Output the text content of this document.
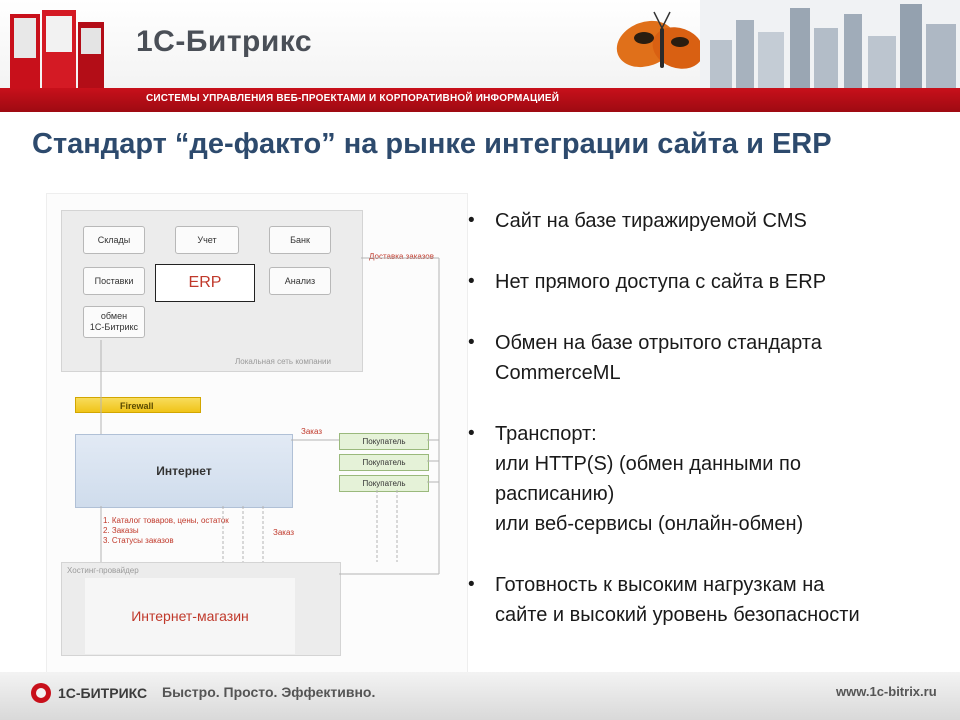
1С-Битрикс
СИСТЕМЫ УПРАВЛЕНИЯ ВЕБ-ПРОЕКТАМИ И КОРПОРАТИВНОЙ ИНФОРМАЦИЕЙ
Стандарт “де-факто” на рынке интеграции сайта и ERP
Локальная сеть компании
Склады	Учет	Банк
Поставки	Анализ
обмен
1С-Битрикс
ERP
Доставка заказов
Firewall
Интернет
Заказ
Покупатель
Покупатель
Покупатель
1. Каталог товаров, цены, остаток
2. Заказы
3. Статусы заказов
Заказ
Хостинг-провайдер
Интернет-магазин
• Сайт на базе тиражируемой CMS
• Нет прямого доступа с сайта в ERP
• Обмен на базе отрытого стандарта
CommerceML
• Транспорт:
или HTTP(S) (обмен данными по
расписанию)
или веб-сервисы (онлайн-обмен)
• Готовность к высоким нагрузкам на
сайте и высокий уровень безопасности
1С-БИТРИКС Быстро. Просто. Эффективно.	www.1c-bitrix.ru
